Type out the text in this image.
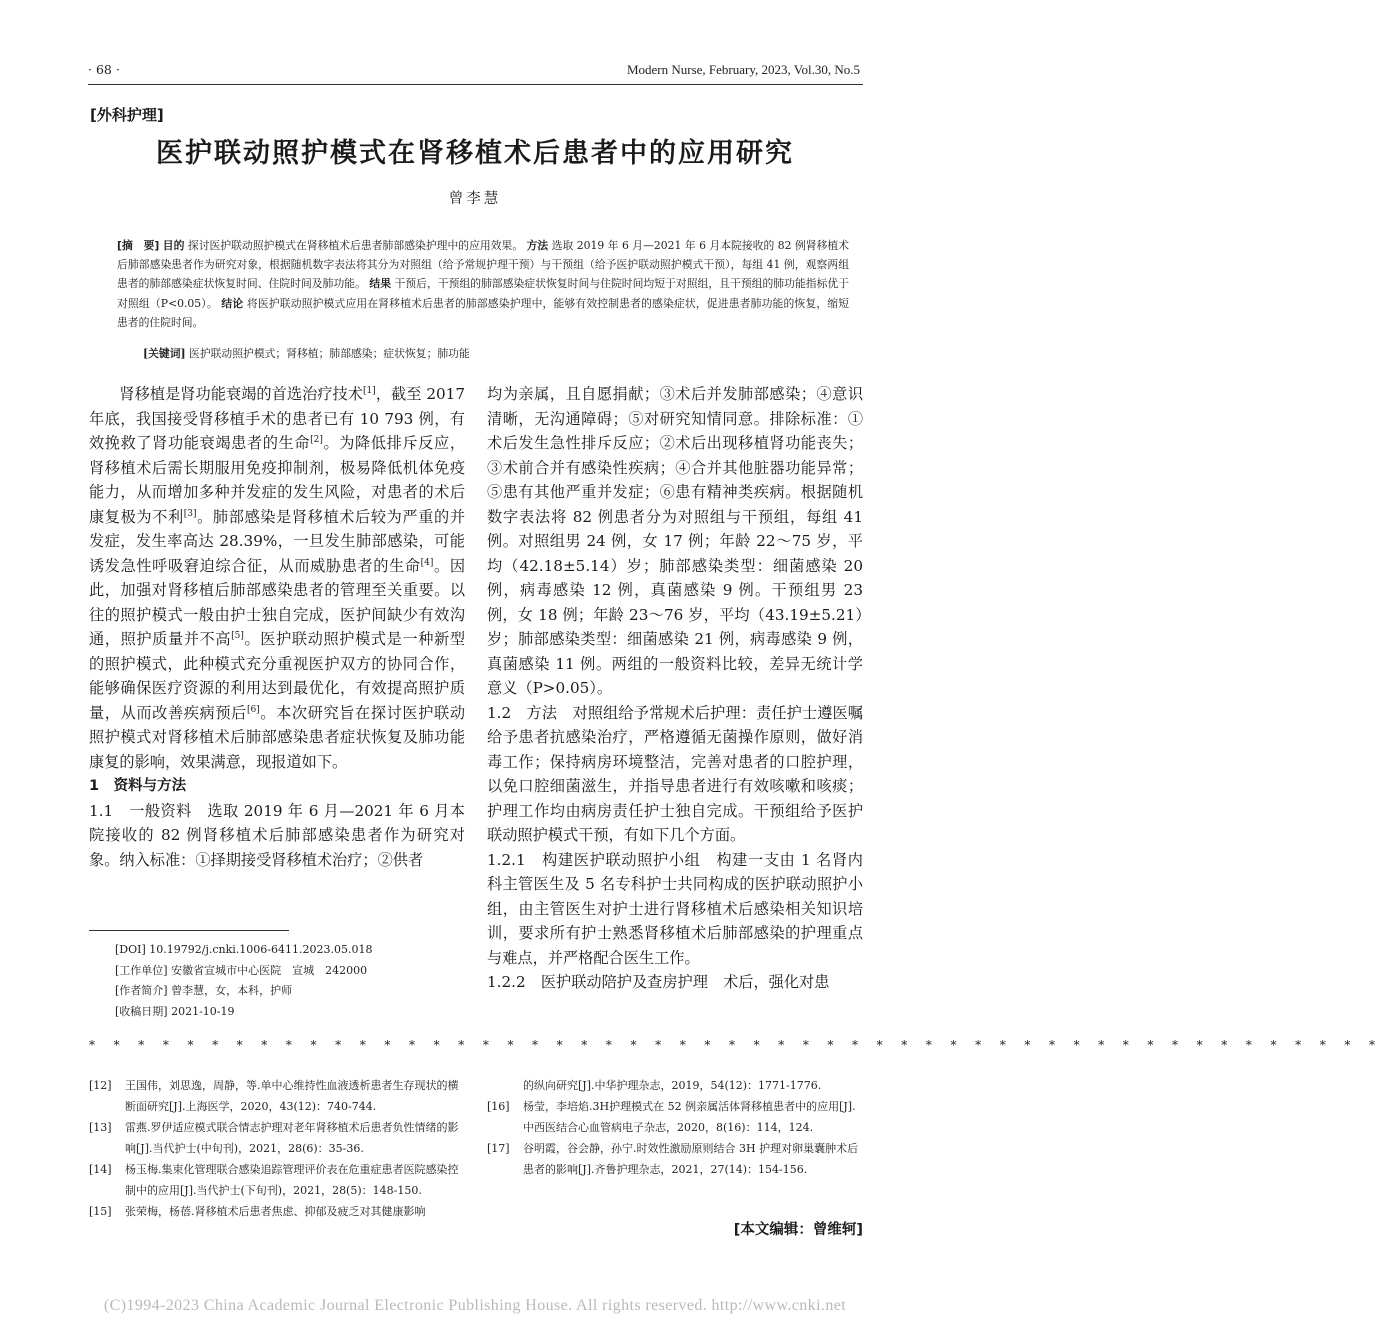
· 68 ·	Modern Nurse, February, 2023, Vol.30, No.5
[外科护理]
医护联动照护模式在肾移植术后患者中的应用研究
曾李慧
[摘　要] 目的 探讨医护联动照护模式在肾移植术后患者肺部感染护理中的应用效果。 方法 选取 2019 年 6 月—2021 年 6 月本院接收的 82 例肾移植术后肺部感染患者作为研究对象，根据随机数字表法将其分为对照组（给予常规护理干预）与干预组（给予医护联动照护模式干预），每组 41 例，观察两组患者的肺部感染症状恢复时间、住院时间及肺功能。 结果 干预后，干预组的肺部感染症状恢复时间与住院时间均短于对照组，且干预组的肺功能指标优于对照组（P<0.05）。 结论 将医护联动照护模式应用在肾移植术后患者的肺部感染护理中，能够有效控制患者的感染症状，促进患者肺功能的恢复，缩短患者的住院时间。
[关键词] 医护联动照护模式；肾移植；肺部感染；症状恢复；肺功能

肾移植是肾功能衰竭的首选治疗技术[1]，截至 2017 年底，我国接受肾移植手术的患者已有 10 793 例，有效挽救了肾功能衰竭患者的生命[2]。为降低排斥反应，肾移植术后需长期服用免疫抑制剂，极易降低机体免疫能力，从而增加多种并发症的发生风险，对患者的术后康复极为不利[3]。肺部感染是肾移植术后较为严重的并发症，发生率高达 28.39%，一旦发生肺部感染，可能诱发急性呼吸窘迫综合征，从而威胁患者的生命[4]。因此，加强对肾移植后肺部感染患者的管理至关重要。以往的照护模式一般由护士独自完成，医护间缺少有效沟通，照护质量并不高[5]。医护联动照护模式是一种新型的照护模式，此种模式充分重视医护双方的协同合作，能够确保医疗资源的利用达到最优化，有效提高照护质量，从而改善疾病预后[6]。本次研究旨在探讨医护联动照护模式对肾移植术后肺部感染患者症状恢复及肺功能康复的影响，效果满意，现报道如下。

1　资料与方法

1.1　一般资料　选取 2019 年 6 月—2021 年 6 月本院接收的 82 例肾移植术后肺部感染患者作为研究对象。纳入标准：①择期接受肾移植术治疗；②供者

均为亲属，且自愿捐献；③术后并发肺部感染；④意识清晰，无沟通障碍；⑤对研究知情同意。排除标准：①术后发生急性排斥反应；②术后出现移植肾功能丧失；③术前合并有感染性疾病；④合并其他脏器功能异常；⑤患有其他严重并发症；⑥患有精神类疾病。根据随机数字表法将 82 例患者分为对照组与干预组，每组 41 例。对照组男 24 例，女 17 例；年龄 22～75 岁，平均（42.18±5.14）岁；肺部感染类型：细菌感染 20 例，病毒感染 12 例，真菌感染 9 例。干预组男 23 例，女 18 例；年龄 23～76 岁，平均（43.19±5.21）岁；肺部感染类型：细菌感染 21 例，病毒感染 9 例，真菌感染 11 例。两组的一般资料比较，差异无统计学意义（P>0.05）。

1.2　方法　对照组给予常规术后护理：责任护士遵医嘱给予患者抗感染治疗，严格遵循无菌操作原则，做好消毒工作；保持病房环境整洁，完善对患者的口腔护理，以免口腔细菌滋生，并指导患者进行有效咳嗽和咳痰；护理工作均由病房责任护士独自完成。干预组给予医护联动照护模式干预，有如下几个方面。

1.2.1　构建医护联动照护小组　构建一支由 1 名肾内科主管医生及 5 名专科护士共同构成的医护联动照护小组，由主管医生对护士进行肾移植术后感染相关知识培训，要求所有护士熟悉肾移植术后肺部感染的护理重点与难点，并严格配合医生工作。

1.2.2　医护联动陪护及查房护理　术后，强化对患

[DOI] 10.19792/j.cnki.1006-6411.2023.05.018
[工作单位] 安徽省宣城市中心医院　宣城　242000
[作者简介] 曾李慧，女，本科，护师
[收稿日期] 2021-10-19
* * * * * * * * * * * * * * * * * * * * * * * * * * * * * * * * * * * * * * * * * * * * * * * * * * * * *
[12]	王国伟，刘思逸，周静，等.单中心维持性血液透析患者生存现状的横断面研究[J].上海医学，2020，43(12)：740-744.
[13]	雷燕.罗伊适应模式联合情志护理对老年肾移植术后患者负性情绪的影响[J].当代护士(中旬刊)，2021，28(6)：35-36.
[14]	杨玉梅.集束化管理联合感染追踪管理评价表在危重症患者医院感染控制中的应用[J].当代护士(下旬刊)，2021，28(5)：148-150.
[15]	张荣梅，杨蓓.肾移植术后患者焦虑、抑郁及疲乏对其健康影响
的纵向研究[J].中华护理杂志，2019，54(12)：1771-1776.
[16]	杨莹，李培焰.3H护理模式在 52 例亲属活体肾移植患者中的应用[J].中西医结合心血管病电子杂志，2020，8(16)：114，124.
[17]	谷明霞，谷会静，孙宁.时效性激励原则结合 3H 护理对卵巢囊肿术后患者的影响[J].齐鲁护理杂志，2021，27(14)：154-156.
[本文编辑：曾维轲]
(C)1994-2023 China Academic Journal Electronic Publishing House. All rights reserved. http://www.cnki.net
